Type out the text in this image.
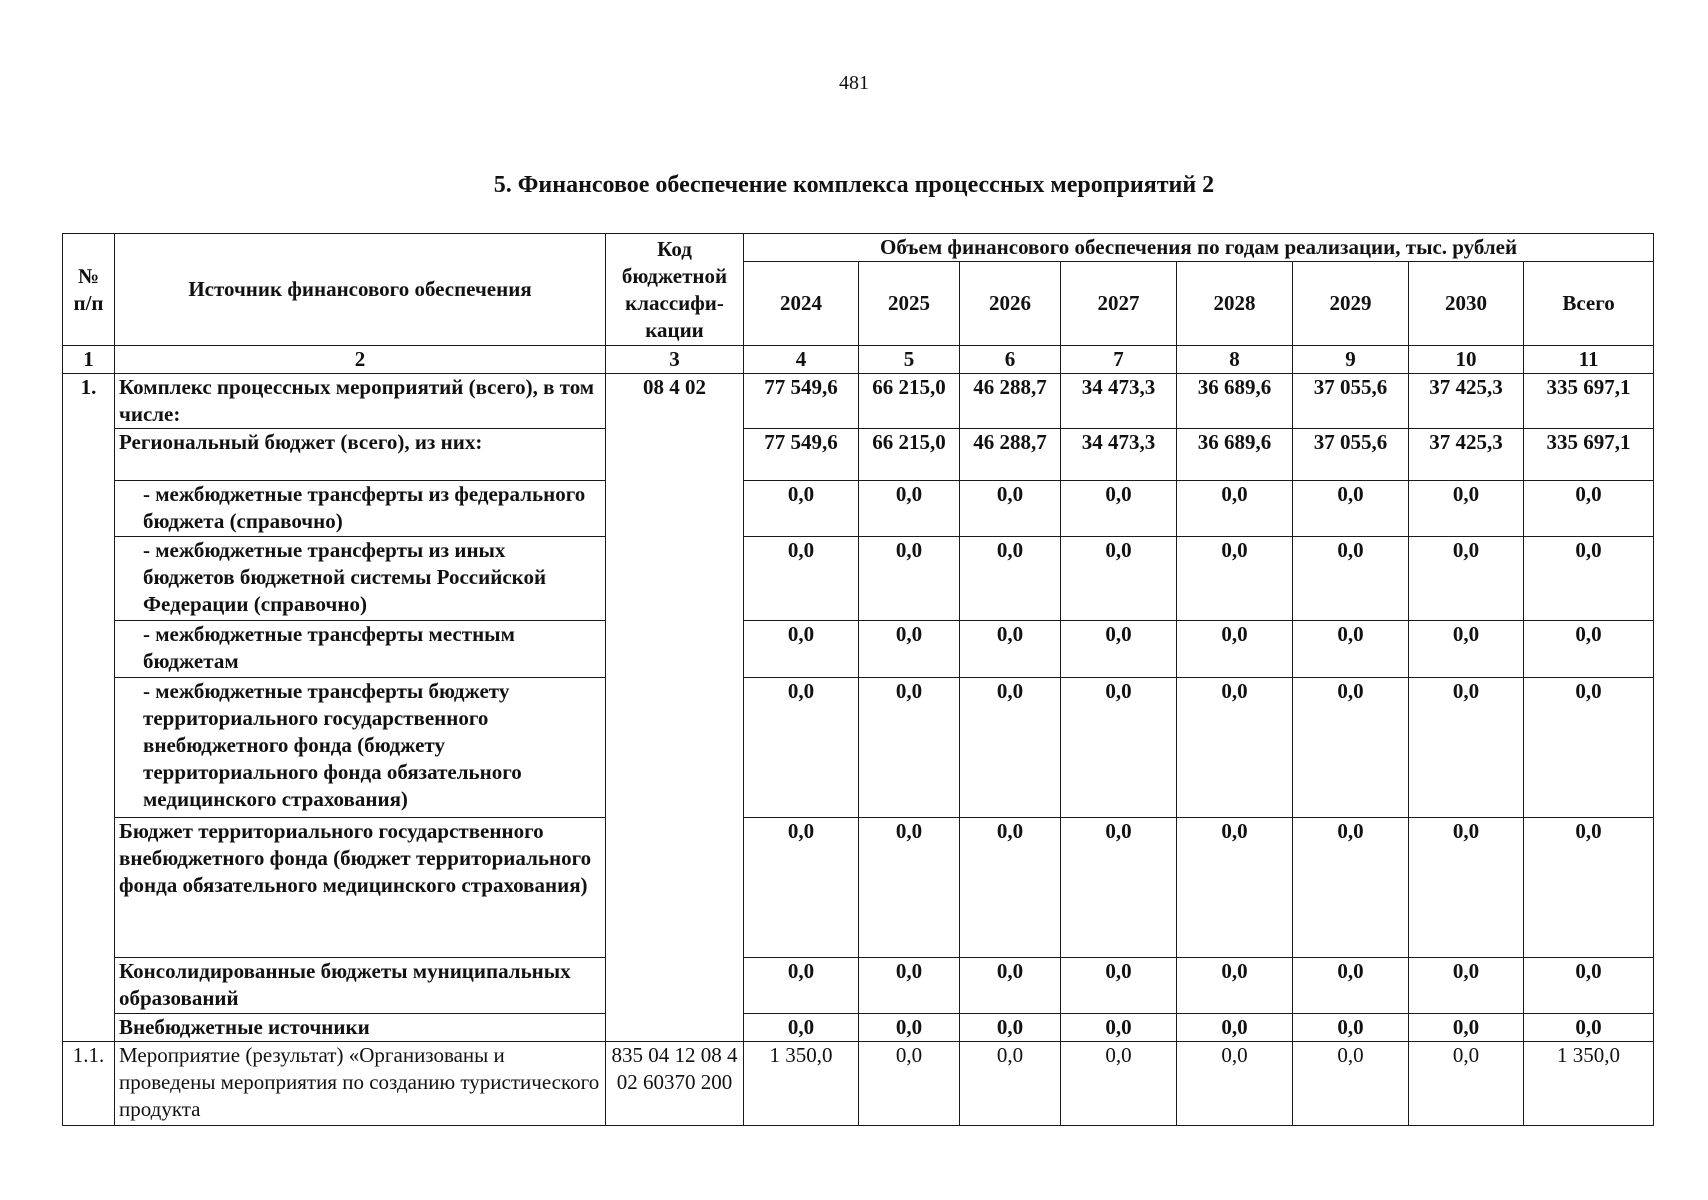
481
5. Финансовое обеспечение комплекса процессных мероприятий 2
№ п/п	Источник финансового обеспечения	Код бюджетной классифи-кации	Объем финансового обеспечения по годам реализации, тыс. рублей							
			2024	2025	2026	2027	2028	2029	2030	Всего
1	2	3	4	5	6	7	8	9	10	11
1.	Комплекс процессных мероприятий (всего), в том числе:	08 4 02	77 549,6	66 215,0	46 288,7	34 473,3	36 689,6	37 055,6	37 425,3	335 697,1
	Региональный бюджет (всего), из них:		77 549,6	66 215,0	46 288,7	34 473,3	36 689,6	37 055,6	37 425,3	335 697,1
	- межбюджетные трансферты из федерального бюджета (справочно)		0,0	0,0	0,0	0,0	0,0	0,0	0,0	0,0
	- межбюджетные трансферты из иных бюджетов бюджетной системы Российской Федерации (справочно)		0,0	0,0	0,0	0,0	0,0	0,0	0,0	0,0
	- межбюджетные трансферты местным бюджетам		0,0	0,0	0,0	0,0	0,0	0,0	0,0	0,0
	- межбюджетные трансферты бюджету территориального государственного внебюджетного фонда (бюджету территориального фонда обязательного медицинского страхования)		0,0	0,0	0,0	0,0	0,0	0,0	0,0	0,0
	Бюджет территориального государственного внебюджетного фонда (бюджет территориального фонда обязательного медицинского страхования)		0,0	0,0	0,0	0,0	0,0	0,0	0,0	0,0
	Консолидированные бюджеты муниципальных образований		0,0	0,0	0,0	0,0	0,0	0,0	0,0	0,0
	Внебюджетные источники		0,0	0,0	0,0	0,0	0,0	0,0	0,0	0,0
1.1.	Мероприятие (результат) «Организованы и проведены мероприятия по созданию туристического продукта	835 04 12 08 4 02 60370 200	1 350,0	0,0	0,0	0,0	0,0	0,0	0,0	1 350,0
